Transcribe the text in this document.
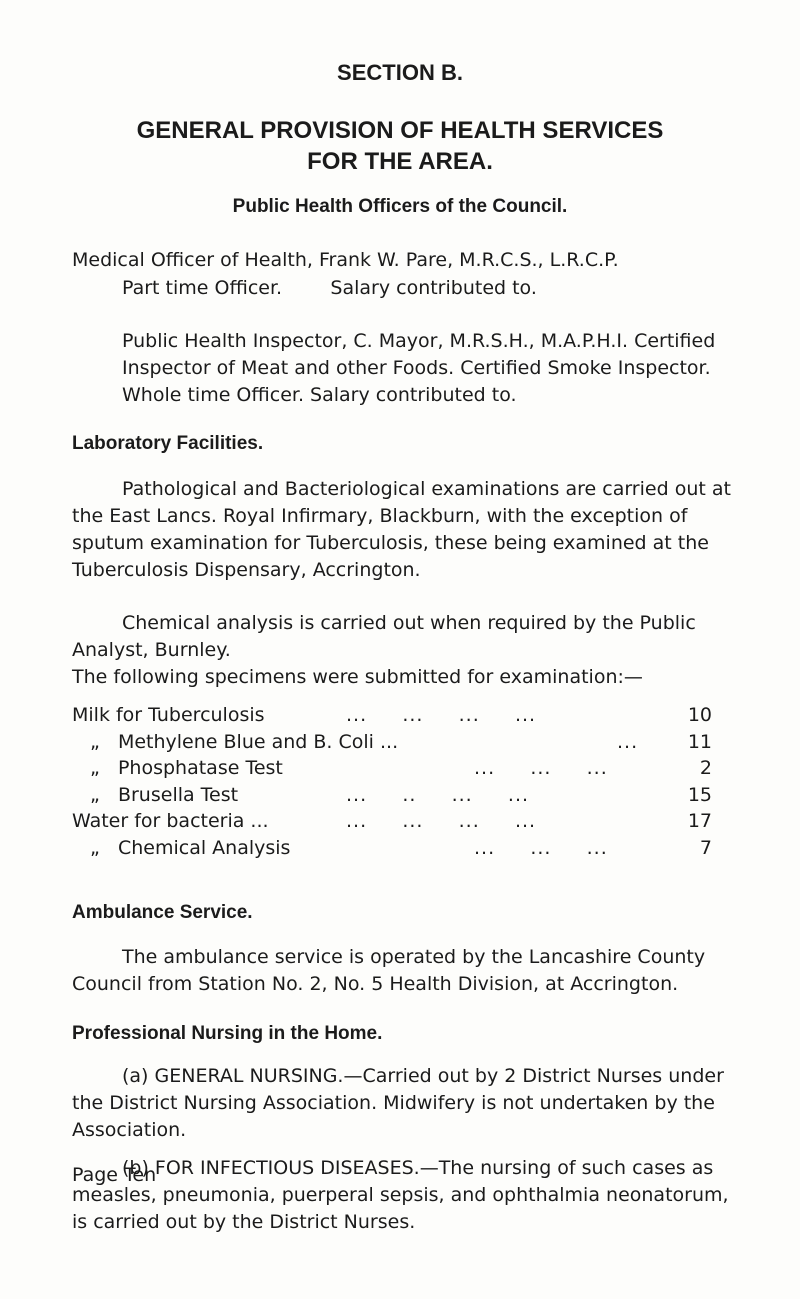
SECTION B.
GENERAL PROVISION OF HEALTH SERVICES
FOR THE AREA.
Public Health Officers of the Council.

Medical Officer of Health, Frank W. Pare, M.R.C.S., L.R.C.P.

Part time Officer.        Salary contributed to.

Public Health Inspector, C. Mayor, M.R.S.H., M.A.P.H.I. Certified Inspector of Meat and other Foods. Certified Smoke Inspector. Whole time Officer. Salary contributed to.

Laboratory Facilities.

Pathological and Bacteriological examinations are carried out at the East Lancs. Royal Infirmary, Blackburn, with the exception of sputum examination for Tuberculosis, these being examined at the Tuberculosis Dispensary, Accrington.

Chemical analysis is carried out when required by the Public Analyst, Burnley.

The following specimens were submitted for examination:—

Milk for Tuberculosis	...     ...     ...     ...	10
„   Methylene Blue and B. Coli ...	...	11
„   Phosphatase Test	...     ...     ...	2
„   Brusella Test	...     ..     ...     ...	15
Water for bacteria ...	...     ...     ...     ...	17
„   Chemical Analysis	...     ...     ...	7
Ambulance Service.

The ambulance service is operated by the Lancashire County Council from Station No. 2, No. 5 Health Division, at Accrington.

Professional Nursing in the Home.

(a) GENERAL NURSING.—Carried out by 2 District Nurses under the District Nursing Association. Midwifery is not undertaken by the Association.

(b) FOR INFECTIOUS DISEASES.—The nursing of such cases as measles, pneumonia, puerperal sepsis, and ophthalmia neonatorum, is carried out by the District Nurses.

Page Ten
